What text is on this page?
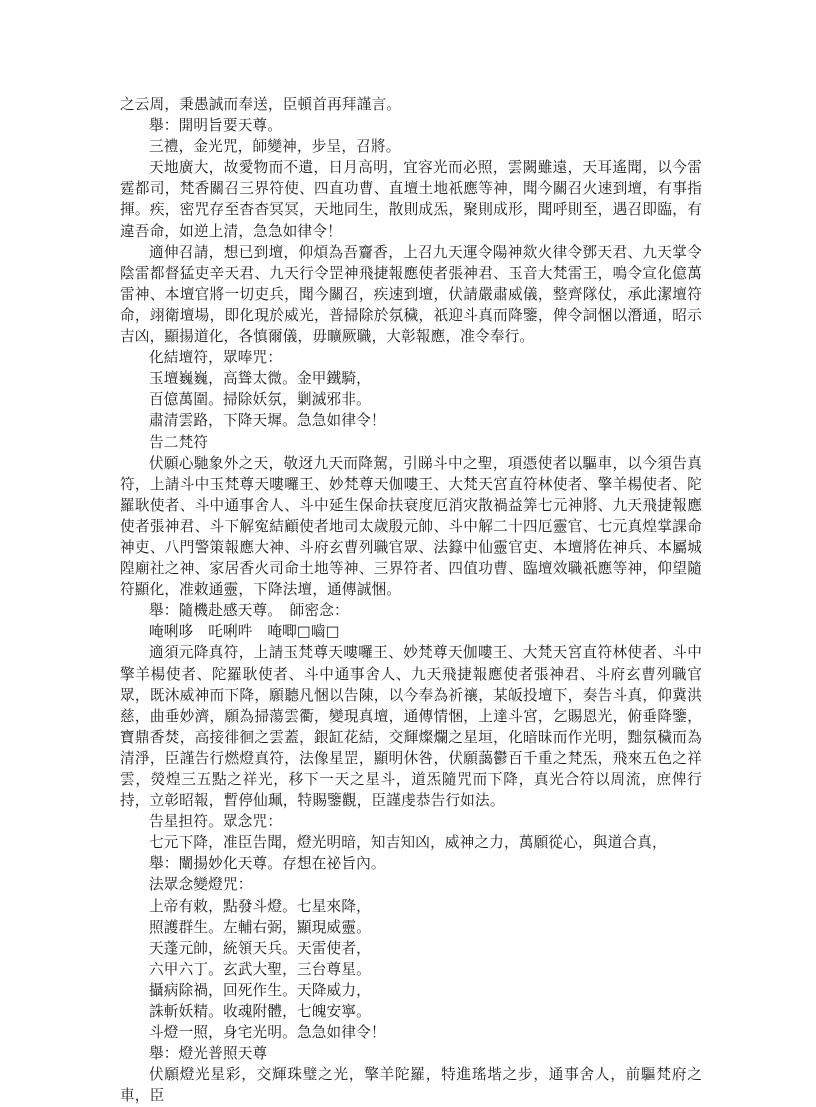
之云周，秉愚誠而奉送，臣頓首再拜謹言。

舉：開明旨要天尊。

三禮，金光咒，師變神，步呈，召將。

天地廣大，故愛物而不遺，日月高明，宜容光而必照，雲闕雖遠，天耳遙聞，以今雷霆都司，梵香關召三界符使、四直功曹、直壇土地祇應等神，聞今關召火速到壇，有事指揮。疾，密咒存至杳杳冥冥，天地同生，散則成炁，聚則成形，聞呼則至，遇召即臨，有違吾命，如逆上清，急急如律令！

適伸召請，想已到壇，仰煩為吾齎香，上召九天運令陽神欻火律令鄧天君、九天掌令陰雷都督猛吏辛天君、九天行令罡神飛捷報應使者張神君、玉音大梵雷王，鳴令宣化億萬雷神、本壇官將一切吏兵，聞今關召，疾速到壇，伏請嚴肅威儀，整齊隊仗，承此潔壇符命，翊衛壇場，即化現於威光，普掃除於氛穢，祇迎斗真而降鑒，俾令詞悃以潛通，昭示吉凶，顯揚道化，各慎爾儀，毋曠厥職，大彰報應，准令奉行。

化結壇符，眾唪咒：

玉壇巍巍，高聳太微。金甲鐵騎，

百億萬圍。掃除妖氛，剿滅邪非。

肅清雲路，下降天墀。急急如律令！

告二梵符

伏願心馳象外之天，敬迓九天而降駕，引睇斗中之聖，項憑使者以驅車，以今須告真符，上請斗中玉梵尊天嘍囉王、妙梵尊天伽嘍王、大梵天宮直符林使者、擎羊楊使者、陀羅耿使者、斗中通事舍人、斗中延生保命扶衰度厄消灾散禍益筭七元神將、九天飛捷報應使者張神君、斗下解寃結顧使者地司太歲殷元帥、斗中解二十四厄靈官、七元真煌掌課命神吏、八門警策報應大神、斗府玄曹列職官眾、法籙中仙靈官吏、本壇將佐神兵、本屬城隍廟社之神、家居香火司命土地等神、三界符者、四值功曹、臨壇效職祇應等神，仰望隨符顯化，准敕通靈，下降法壇，通傳誠悃。

舉：隨機赴感天尊。　師密念：

唵唎哆　吒唎吽　唵唧□嚙□

適須元降真符，上請玉梵尊天嘍囉王、妙梵尊天伽嘍王、大梵天宮直符林使者、斗中擎羊楊使者、陀羅耿使者、斗中通事舍人、九天飛捷報應使者張神君、斗府玄曹列職官眾，既沐威神而下降，願聽凡悃以告陳，以今奉為祈禳，某皈投壇下，奏告斗真，仰冀洪慈，曲垂妙濟，願為掃蕩雲衢，變現真壇，通傳情悃，上達斗宮，乞賜恩光，俯垂降鑒，寶鼎香焚，高接徘徊之雲蓋，銀缸花結，交輝燦爛之星垣，化暗昧而作光明，黜氛穢而為清淨，臣謹告行燃燈真符，法像星罡，顯明休咎，伏願藹鬱百千重之梵炁，飛來五色之祥雲，熒煌三五點之祥光，移下一天之星斗，道炁隨咒而下降，真光合符以周流，庶俾行持，立彰昭報，暫停仙珮，特賜鑒觀，臣謹虔恭告行如法。

告星担符。眾念咒：

七元下降，准臣告聞，燈光明暗，知吉知凶，威神之力，萬願從心，與道合真，

舉：闡揚妙化天尊。存想在祕旨內。

法眾念變燈咒：

上帝有敕，點發斗燈。七星來降，

照護群生。左輔右弼，顯現威靈。

天蓬元帥，統領天兵。天雷使者，

六甲六丁。玄武大聖，三台尊星。

攝病除禍，回死作生。天降威力，

誅斬妖精。收魂附體，七魄安寧。

斗燈一照，身宅光明。急急如律令！

舉：燈光普照天尊

伏願燈光星彩，交輝珠璧之光，擎羊陀羅，特進瑤堦之步，通事舍人，前驅梵府之車，臣
